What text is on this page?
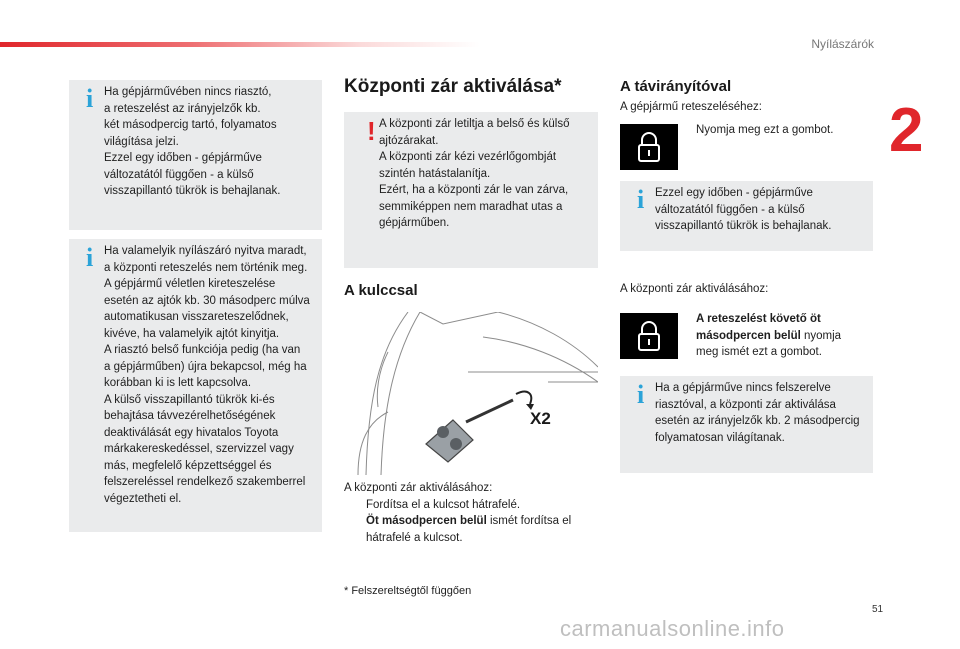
Nyílászárók
2
i Ha gépjárművében nincs riasztó,
a reteszelést az irányjelzők kb.
két másodpercig tartó, folyamatos
világítása jelzi.
Ezzel egy időben - gépjárműve
változatától függően - a külső
visszapillantó tükrök is behajlanak.
i Ha valamelyik nyílászáró nyitva maradt,
a központi reteszelés nem történik meg.
A gépjármű véletlen kireteszelése
esetén az ajtók kb. 30 másodperc múlva
automatikusan visszareteszelődnek,
kivéve, ha valamelyik ajtót kinyitja.
A riasztó belső funkciója pedig (ha van
a gépjárműben) újra bekapcsol, még ha
korábban ki is lett kapcsolva.
A külső visszapillantó tükrök ki-és
behajtása távvezérelhetőségének
deaktiválását egy hivatalos Toyota
márkakereskedéssel, szervizzel vagy
más, megfelelő képzettséggel és
felszereléssel rendelkező szakemberrel
végeztetheti el.
Központi zár aktiválása*
! A központi zár letiltja a belső és külső
ajtózárakat.
A központi zár kézi vezérlőgombját
szintén hatástalanítja.
Ezért, ha a központi zár le van zárva,
semmiképpen nem maradhat utas a
gépjárműben.
A kulccsal
X2
A központi zár aktiválásához:
Fordítsa el a kulcsot hátrafelé.
Öt másodpercen belül ismét fordítsa el
hátrafelé a kulcsot.
* Felszereltségtől függően
A távirányítóval
A gépjármű reteszeléséhez:
Nyomja meg ezt a gombot.
i Ezzel egy időben - gépjárműve
változatától függően - a külső
visszapillantó tükrök is behajlanak.
A központi zár aktiválásához:
A reteszelést követő öt
másodpercen belül nyomja
meg ismét ezt a gombot.
i Ha a gépjárműve nincs felszerelve
riasztóval, a központi zár aktiválása
esetén az irányjelzők kb. 2 másodpercig
folyamatosan világítanak.
51
carmanualsonline.info
